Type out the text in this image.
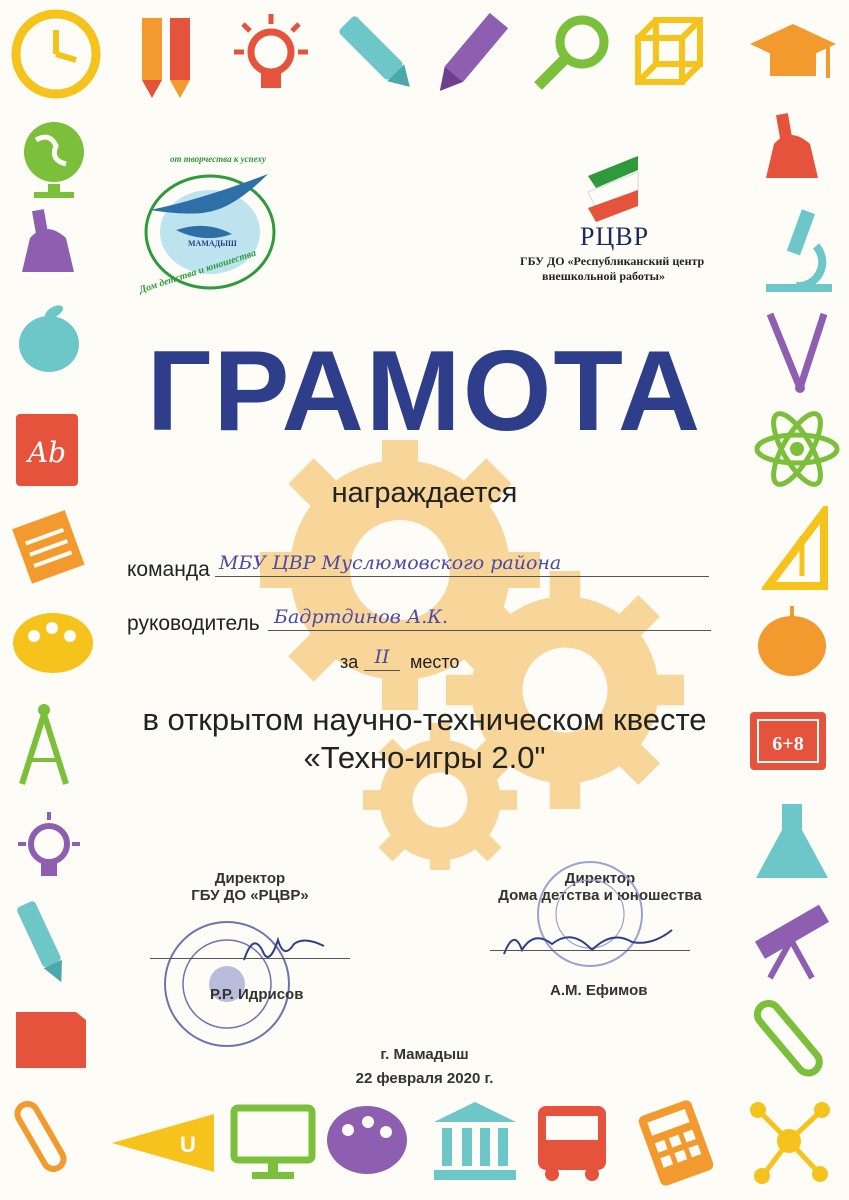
Ab
U
6+8
от творчества к успеху
Дом детства и юношества
МАМАДЫШ	РЦВР
ГБУ ДО «Республиканский центр
внешкольной работы»
ГРАМОТА
награждается
команда МБУ ЦВР Муслюмовского района
руководитель Бадртдинов А.К.
за II	место
в открытом научно-техническом квесте
«Техно-игры 2.0"
Директор
ГБУ ДО «РЦВР»
Р.Р. Идрисов
Директор
Дома детства и юношества
А.М. Ефимов
г. Мамадыш
22 февраля 2020 г.
